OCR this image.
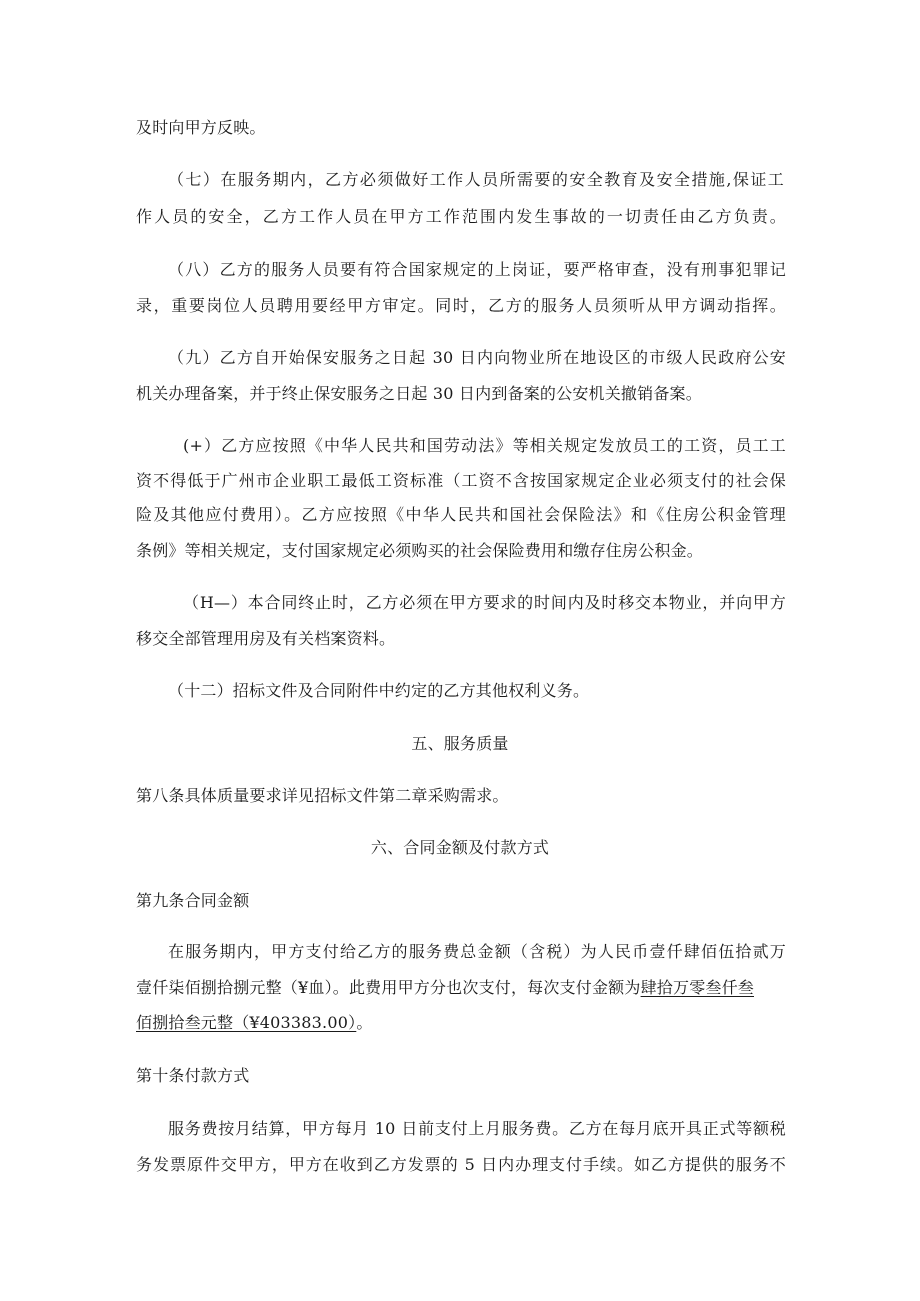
及时向甲方反映。
（七）在服务期内，乙方必须做好工作人员所需要的安全教育及安全措施,保证工
作人员的安全，乙方工作人员在甲方工作范围内发生事故的一切责任由乙方负责。
（八）乙方的服务人员要有符合国家规定的上岗证，要严格审查，没有刑事犯罪记
录，重要岗位人员聘用要经甲方审定。同时，乙方的服务人员须听从甲方调动指挥。
（九）乙方自开始保安服务之日起 30 日内向物业所在地设区的市级人民政府公安
机关办理备案，并于终止保安服务之日起 30 日内到备案的公安机关撤销备案。
(+）乙方应按照《中华人民共和国劳动法》等相关规定发放员工的工资，员工工
资不得低于广州市企业职工最低工资标准（工资不含按国家规定企业必须支付的社会保
险及其他应付费用）。乙方应按照《中华人民共和国社会保险法》和《住房公积金管理
条例》等相关规定，支付国家规定必须购买的社会保险费用和缴存住房公积金。
（H—）本合同终止时，乙方必须在甲方要求的时间内及时移交本物业，并向甲方
移交全部管理用房及有关档案资料。
（十二）招标文件及合同附件中约定的乙方其他权利义务。
五、服务质量
第八条具体质量要求详见招标文件第二章采购需求。
六、合同金额及付款方式
第九条合同金额
在服务期内，甲方支付给乙方的服务费总金额（含税）为人民币壹仟肆佰伍拾贰万
壹仟柒佰捌拾捌元整（¥血）。此费用甲方分也次支付，每次支付金额为肆拾万零叁仟叁
佰捌拾叁元整（¥403383.00）。
第十条付款方式
服务费按月结算，甲方每月 10 日前支付上月服务费。乙方在每月底开具正式等额税
务发票原件交甲方，甲方在收到乙方发票的 5 日内办理支付手续。如乙方提供的服务不
